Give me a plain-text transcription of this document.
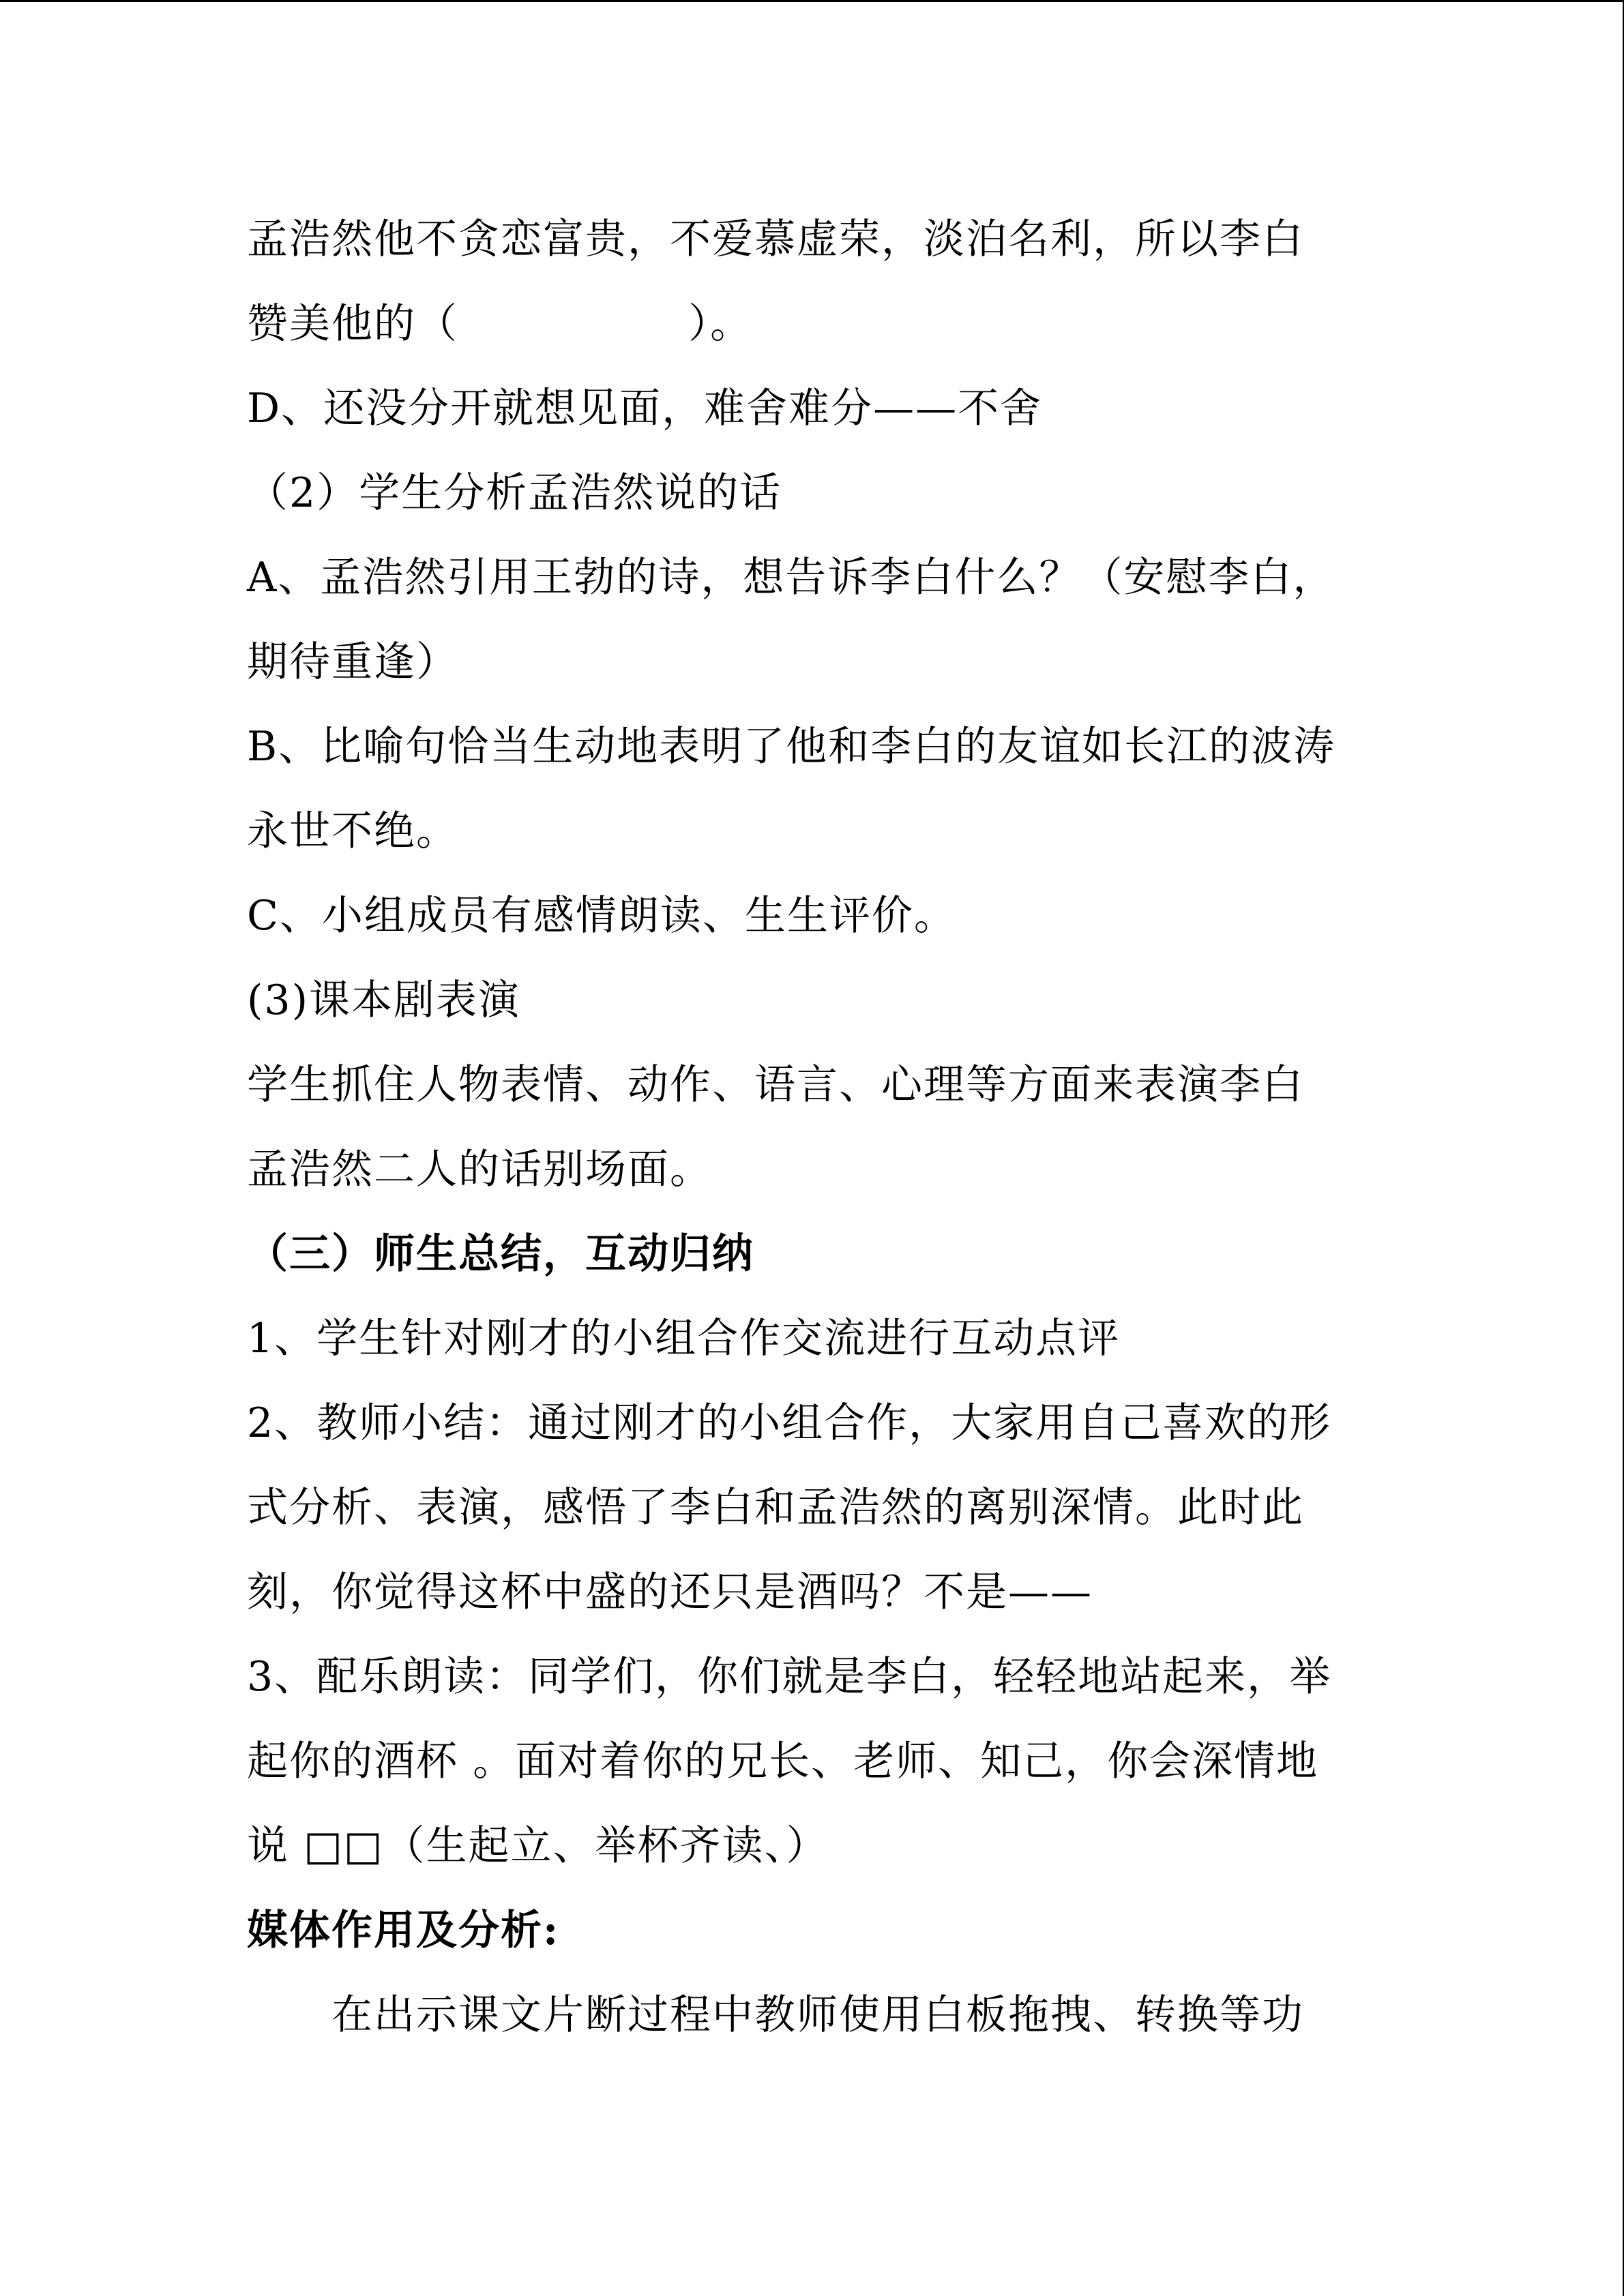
孟浩然他不贪恋富贵，不爱慕虚荣，淡泊名利，所以李白
赞美他的（                ）。
D、还没分开就想见面，难舍难分——不舍
（2）学生分析孟浩然说的话
A、孟浩然引用王勃的诗，想告诉李白什么？（安慰李白，
期待重逢）
B、比喻句恰当生动地表明了他和李白的友谊如长江的波涛
永世不绝。
C、小组成员有感情朗读、生生评价。
(3)课本剧表演
学生抓住人物表情、动作、语言、心理等方面来表演李白
孟浩然二人的话别场面。
（三）师生总结，互动归纳
1、学生针对刚才的小组合作交流进行互动点评
2、教师小结：通过刚才的小组合作，大家用自己喜欢的形
式分析、表演，感悟了李白和孟浩然的离别深情。此时此
刻，你觉得这杯中盛的还只是酒吗？不是——
3、配乐朗读：同学们，你们就是李白，轻轻地站起来，举
起你的酒杯 。面对着你的兄长、老师、知己，你会深情地
说 □□（生起立、举杯齐读、）
媒体作用及分析:
在出示课文片断过程中教师使用白板拖拽、转换等功
